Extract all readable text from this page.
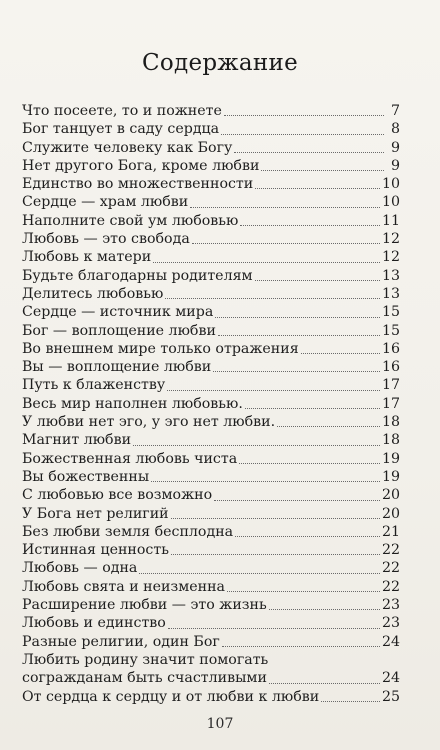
Содержание
Что посеете, то и пожнете	7
Бог танцует в саду сердца	8
Служите человеку как Богу	9
Нет другого Бога, кроме любви	9
Единство во множественности	10
Сердце — храм любви	10
Наполните свой ум любовью	11
Любовь — это свобода	12
Любовь к матери	12
Будьте благодарны родителям	13
Делитесь любовью	13
Сердце — источник мира	15
Бог — воплощение любви	15
Во внешнем мире только отражения	16
Вы — воплощение любви	16
Путь к блаженству	17
Весь мир наполнен любовью.	17
У любви нет эго, у эго нет любви.	18
Магнит любви	18
Божественная любовь чиста	19
Вы божественны	19
С любовью все возможно	20
У Бога нет религий	20
Без любви земля бесплодна	21
Истинная ценность	22
Любовь — одна	22
Любовь свята и неизменна	22
Расширение любви — это жизнь	23
Любовь и единство	23
Разные религии, один Бог	24
Любить родину значит помогать
согражданам быть счастливыми	24
От сердца к сердцу и от любви к любви	25
107
